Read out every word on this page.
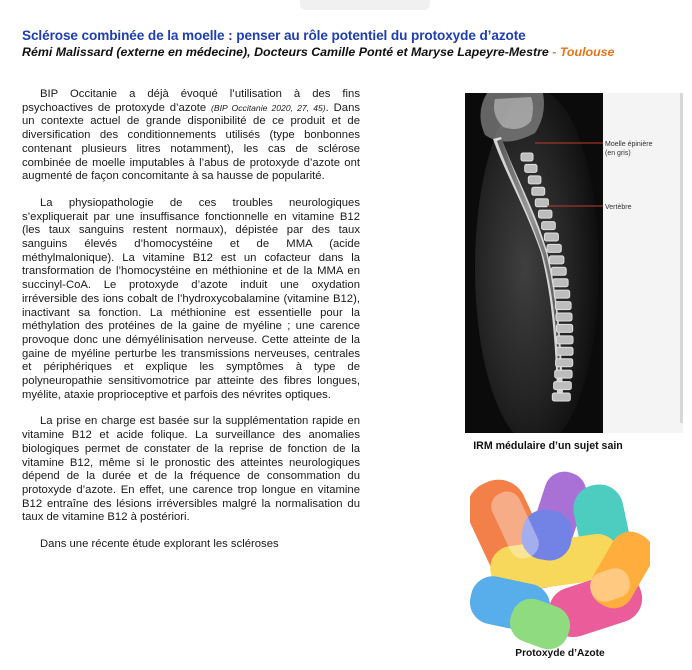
Sclérose combinée de la moelle : penser au rôle potentiel du protoxyde d’azote
Rémi Malissard (externe en médecine), Docteurs Camille Ponté et Maryse Lapeyre-Mestre - Toulouse

BIP Occitanie a déjà évoqué l’utilisation à des fins psychoactives de protoxyde d’azote (BIP Occitanie 2020, 27, 45). Dans un contexte actuel de grande disponibilité de ce produit et de diversification des conditionnements utilisés (type bonbonnes contenant plusieurs litres notamment), les cas de sclérose combinée de moelle imputables à l’abus de protoxyde d’azote ont augmenté de façon concomitante à sa hausse de popularité.

La physiopathologie de ces troubles neurologiques s’expliquerait par une insuffisance fonctionnelle en vitamine B12 (les taux sanguins restent normaux), dépistée par des taux sanguins élevés d’homocystéine et de MMA (acide méthylmalonique). La vitamine B12 est un cofacteur dans la transformation de l’homocystéine en méthionine et de la MMA en succinyl-CoA. Le protoxyde d’azote induit une oxydation irréversible des ions cobalt de l’hydroxycobalamine (vitamine B12), inactivant sa fonction. La méthionine est essentielle pour la méthylation des protéines de la gaine de myéline ; une carence provoque donc une démyélinisation nerveuse. Cette atteinte de la gaine de myéline perturbe les transmissions nerveuses, centrales et périphériques et explique les symptômes à type de polyneuropathie sensitivomotrice par atteinte des fibres longues, myélite, ataxie proprioceptive et parfois des névrites optiques.

La prise en charge est basée sur la supplémentation rapide en vitamine B12 et acide folique. La surveillance des anomalies biologiques permet de constater de la reprise de fonction de la vitamine B12, même si le pronostic des atteintes neurologiques dépend de la durée et de la fréquence de consommation du protoxyde d’azote. En effet, une carence trop longue en vitamine B12 entraîne des lésions irréversibles malgré la normalisation du taux de vitamine B12 à postériori.

Dans une récente étude explorant les scléroses

Moelle épinière
(en gris)
Vertèbre
IRM médulaire d’un sujet sain
Protoxyde d’Azote
